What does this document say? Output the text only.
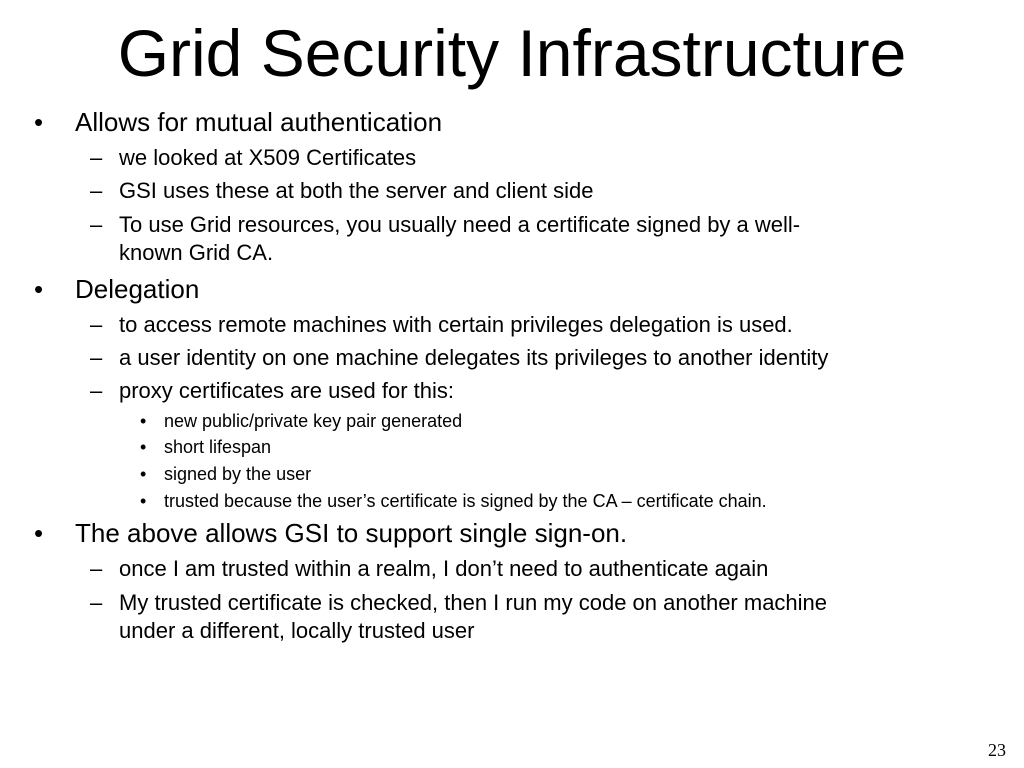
Grid Security Infrastructure
• Allows for mutual authentication
– we looked at X509 Certificates
– GSI uses these at both the server and client side
– To use Grid resources, you usually need a certificate signed by a well-
known Grid CA.
• Delegation
– to access remote machines with certain privileges delegation is used.
– a user identity on one machine delegates its privileges to another identity
– proxy certificates are used for this:
• new public/private key pair generated
• short lifespan
• signed by the user
• trusted because the user’s certificate is signed by the CA – certificate chain.
• The above allows GSI to support single sign-on.
– once I am trusted within a realm, I don’t need to authenticate again
– My trusted certificate is checked, then I run my code on another machine
under a different, locally trusted user
23
